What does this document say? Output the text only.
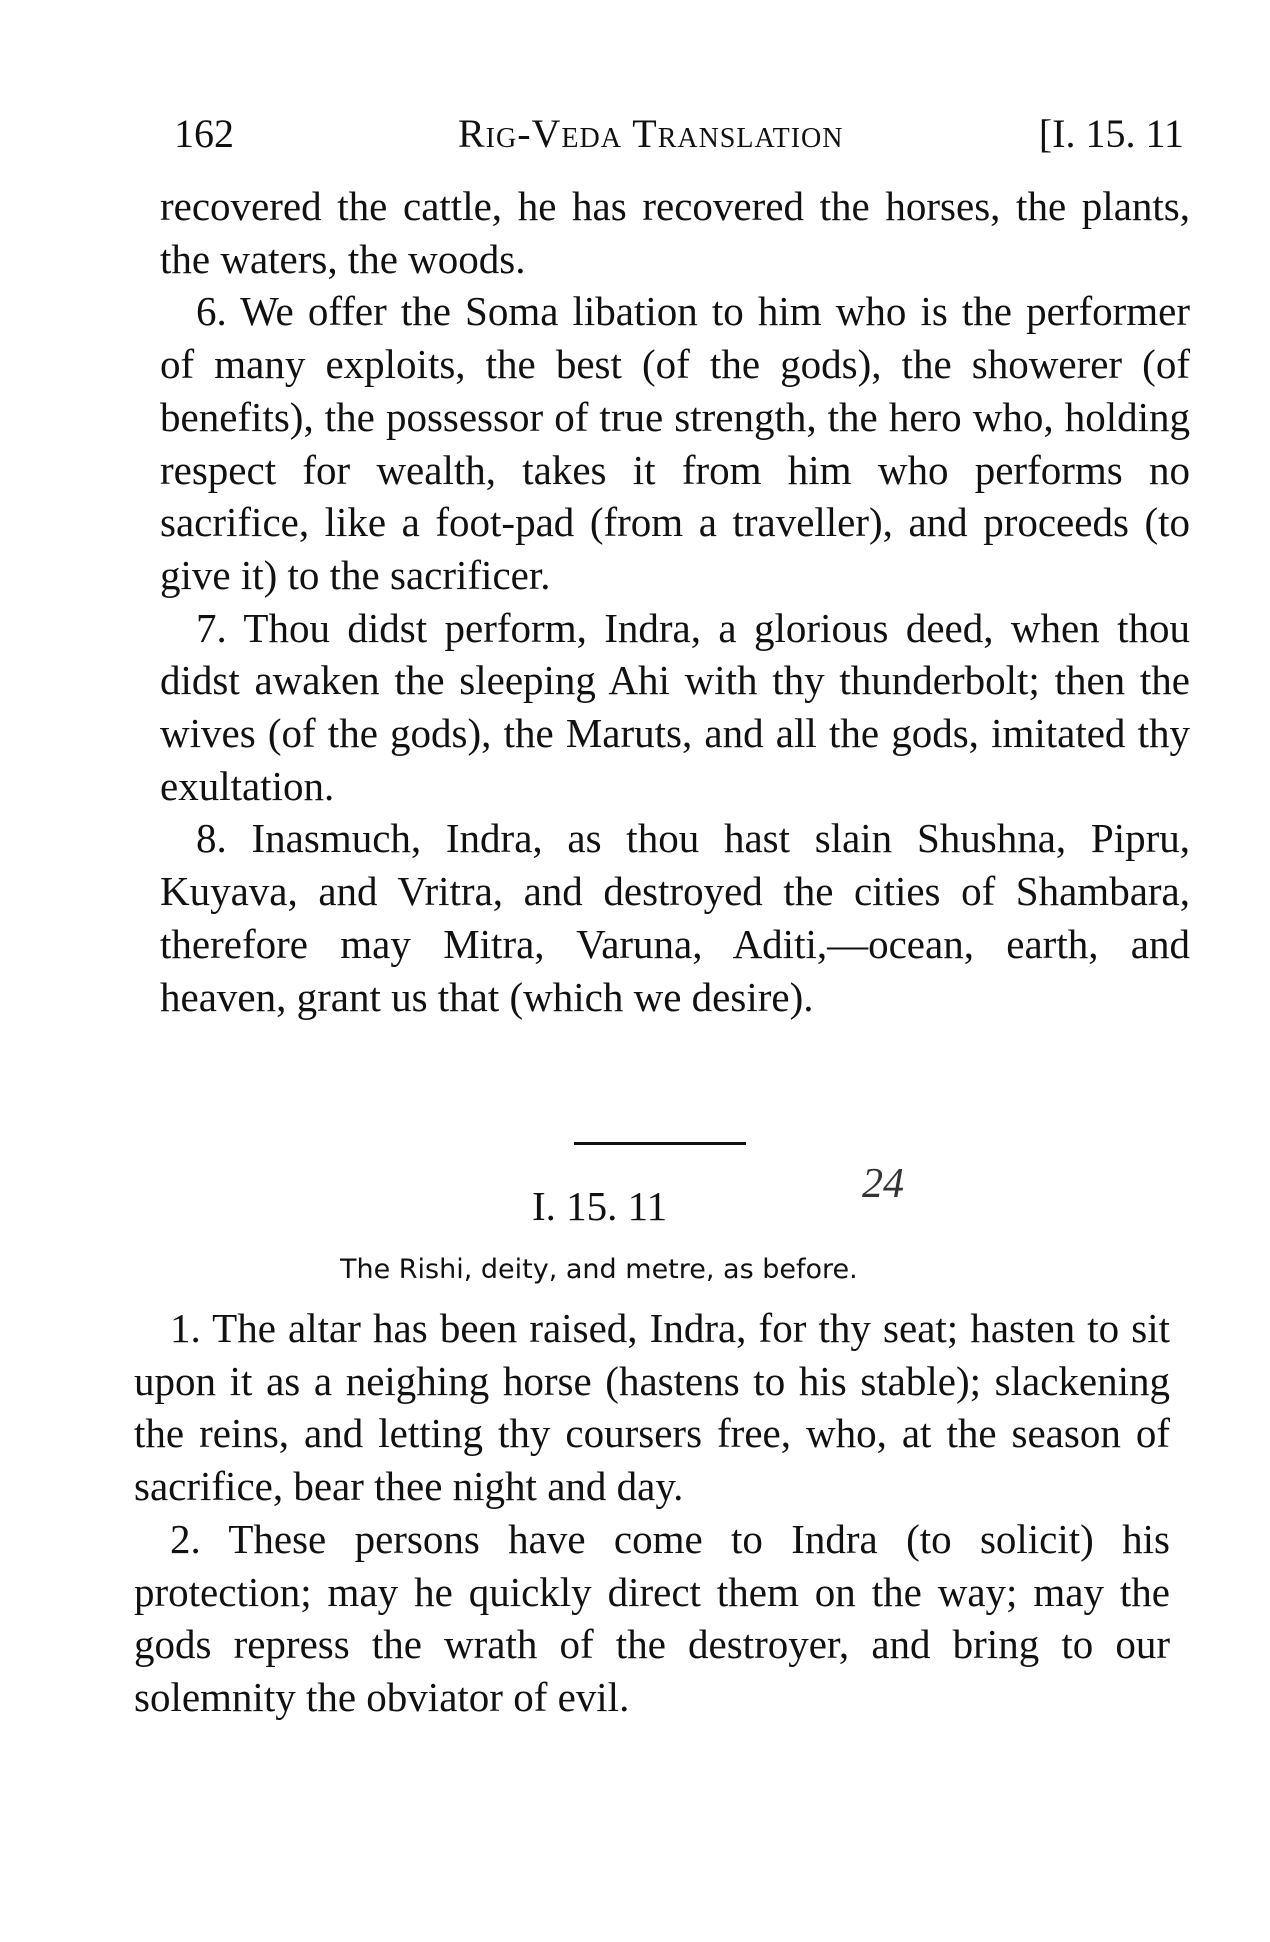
162	Rig-Veda Translation	[I. 15. 11

recovered the cattle, he has recovered the horses, the plants, the waters, the woods.

6. We offer the Soma libation to him who is the performer of many exploits, the best (of the gods), the showerer (of benefits), the possessor of true strength, the hero who, holding respect for wealth, takes it from him who performs no sacrifice, like a foot-pad (from a traveller), and proceeds (to give it) to the sacrificer.

7. Thou didst perform, Indra, a glorious deed, when thou didst awaken the sleeping Ahi with thy thunderbolt; then the wives (of the gods), the Maruts, and all the gods, imitated thy exultation.

8. Inasmuch, Indra, as thou hast slain Shushna, Pipru, Kuyava, and Vritra, and destroyed the cities of Shambara, therefore may Mitra, Varuna, Aditi,—ocean, earth, and heaven, grant us that (which we desire).

I. 15. 11	24
The Rishi, deity, and metre, as before.

1. The altar has been raised, Indra, for thy seat; hasten to sit upon it as a neighing horse (hastens to his stable); slackening the reins, and letting thy coursers free, who, at the season of sacrifice, bear thee night and day.

2. These persons have come to Indra (to solicit) his protection; may he quickly direct them on the way; may the gods repress the wrath of the destroyer, and bring to our solemnity the obviator of evil.
